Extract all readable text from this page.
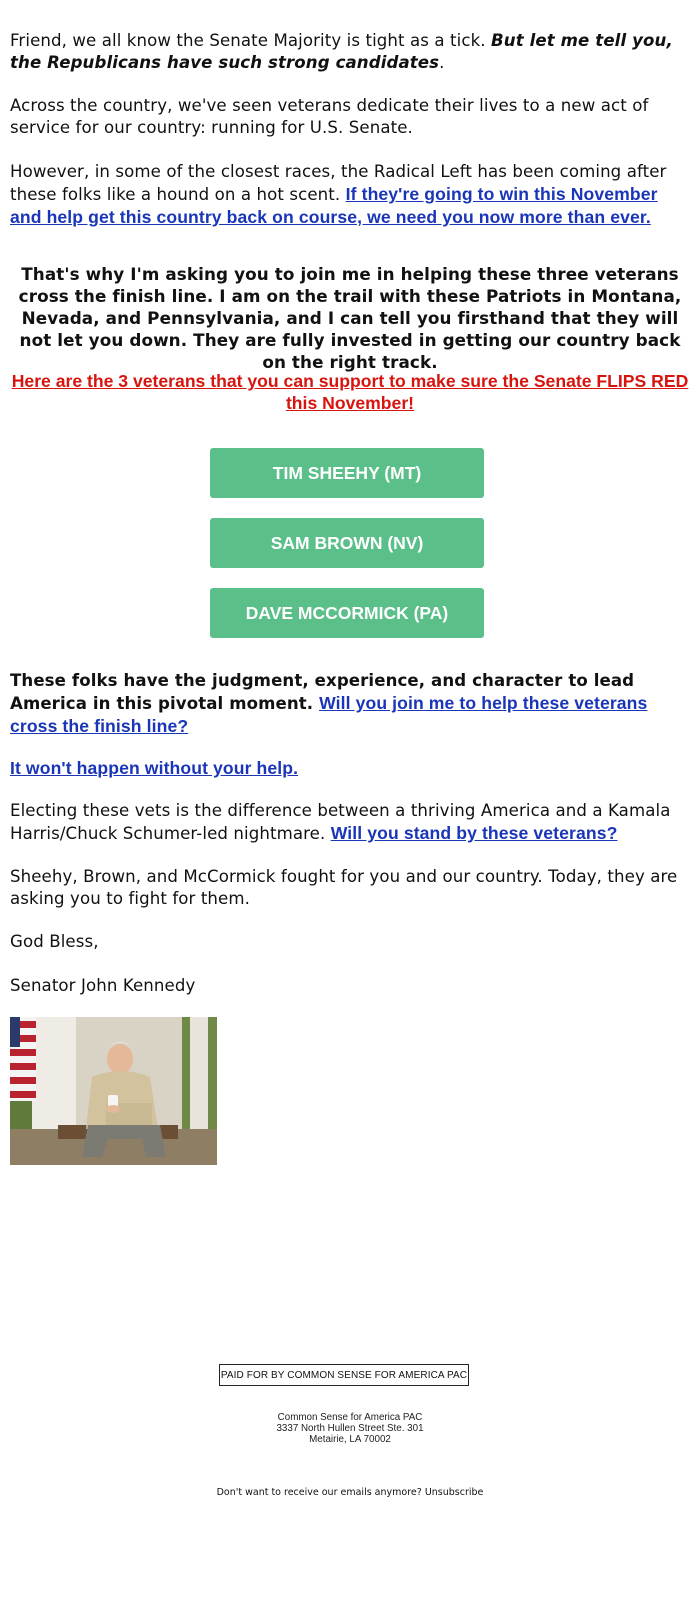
Friend, we all know the Senate Majority is tight as a tick. But let me tell you, the Republicans have such strong candidates.

Across the country, we've seen veterans dedicate their lives to a new act of service for our country: running for U.S. Senate.

However, in some of the closest races, the Radical Left has been coming after these folks like a hound on a hot scent. If they're going to win this November and help get this country back on course, we need you now more than ever.

That's why I'm asking you to join me in helping these three veterans cross the finish line. I am on the trail with these Patriots in Montana, Nevada, and Pennsylvania, and I can tell you firsthand that they will not let you down. They are fully invested in getting our country back on the right track.

Here are the 3 veterans that you can support to make sure the Senate FLIPS RED this November!
TIM SHEEHY (MT)
SAM BROWN (NV)
DAVE MCCORMICK (PA)

These folks have the judgment, experience, and character to lead America in this pivotal moment. Will you join me to help these veterans cross the finish line?

It won't happen without your help.

Electing these vets is the difference between a thriving America and a Kamala Harris/Chuck Schumer-led nightmare. Will you stand by these veterans?

Sheehy, Brown, and McCormick fought for you and our country. Today, they are asking you to fight for them.

God Bless,

Senator John Kennedy

PAID FOR BY COMMON SENSE FOR AMERICA PAC
Common Sense for America PAC
3337 North Hullen Street Ste. 301
Metairie, LA 70002
Don't want to receive our emails anymore? Unsubscribe
